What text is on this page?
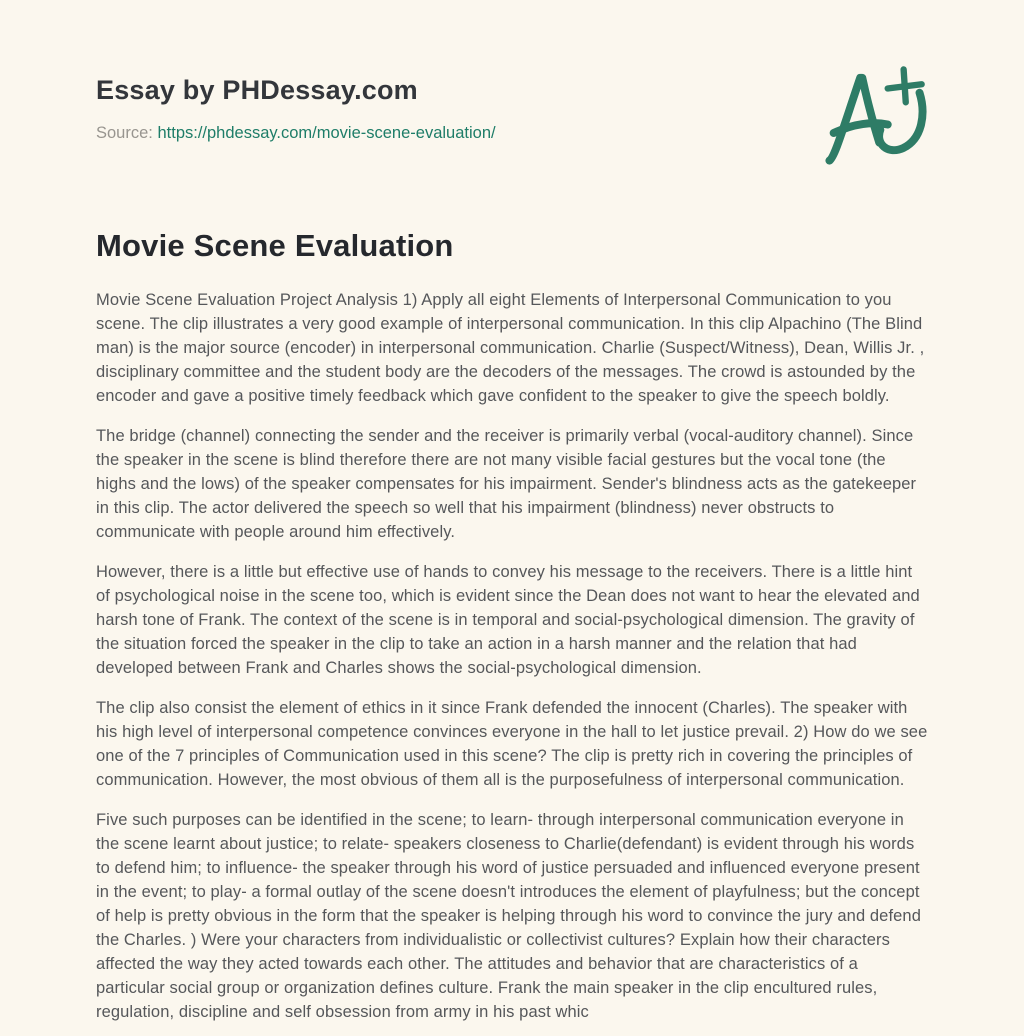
Essay by PHDessay.com
Source: https://phdessay.com/movie-scene-evaluation/
Movie Scene Evaluation

Movie Scene Evaluation Project Analysis 1) Apply all eight Elements of Interpersonal Communication to you scene. The clip illustrates a very good example of interpersonal communication. In this clip Alpachino (The Blind man) is the major source (encoder) in interpersonal communication. Charlie (Suspect/Witness), Dean, Willis Jr. , disciplinary committee and the student body are the decoders of the messages. The crowd is astounded by the encoder and gave a positive timely feedback which gave confident to the speaker to give the speech boldly.

The bridge (channel) connecting the sender and the receiver is primarily verbal (vocal-auditory channel). Since the speaker in the scene is blind therefore there are not many visible facial gestures but the vocal tone (the highs and the lows) of the speaker compensates for his impairment. Sender's blindness acts as the gatekeeper in this clip. The actor delivered the speech so well that his impairment (blindness) never obstructs to communicate with people around him effectively.

However, there is a little but effective use of hands to convey his message to the receivers. There is a little hint of psychological noise in the scene too, which is evident since the Dean does not want to hear the elevated and harsh tone of Frank. The context of the scene is in temporal and social-psychological dimension. The gravity of the situation forced the speaker in the clip to take an action in a harsh manner and the relation that had developed between Frank and Charles shows the social-psychological dimension.

The clip also consist the element of ethics in it since Frank defended the innocent (Charles). The speaker with his high level of interpersonal competence convinces everyone in the hall to let justice prevail. 2) How do we see one of the 7 principles of Communication used in this scene? The clip is pretty rich in covering the principles of communication. However, the most obvious of them all is the purposefulness of interpersonal communication.

Five such purposes can be identified in the scene; to learn- through interpersonal communication everyone in the scene learnt about justice; to relate- speakers closeness to Charlie(defendant) is evident through his words to defend him; to influence- the speaker through his word of justice persuaded and influenced everyone present in the event; to play- a formal outlay of the scene doesn't introduces the element of playfulness; but the concept of help is pretty obvious in the form that the speaker is helping through his word to convince the jury and defend the Charles. ) Were your characters from individualistic or collectivist cultures? Explain how their characters affected the way they acted towards each other. The attitudes and behavior that are characteristics of a particular social group or organization defines culture. Frank the main speaker in the clip encultured rules, regulation, discipline and self obsession from army in his past whic
